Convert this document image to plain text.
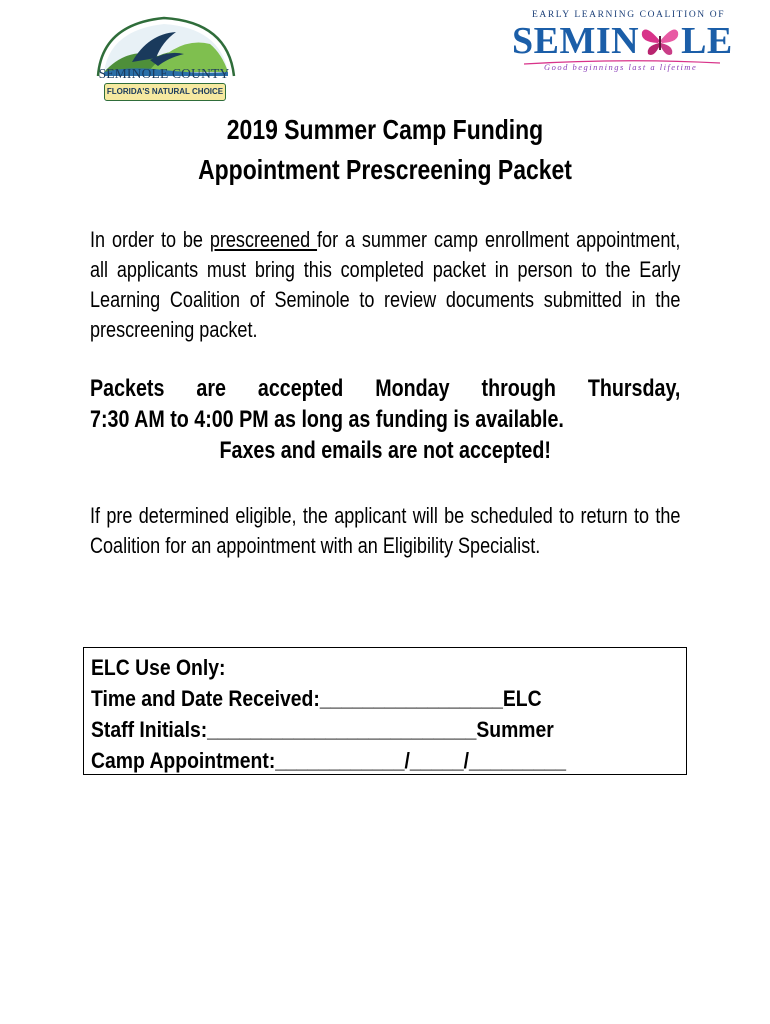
SEMINOLE COUNTY
FLORIDA'S NATURAL CHOICE
EARLY LEARNING COALITION OF
SEMIN LE
Good beginnings last a lifetime
2019 Summer Camp Funding
Appointment Prescreening Packet
In order to be prescreened for a summer camp enrollment appointment, all applicants must bring this completed packet in person to the Early Learning Coalition of Seminole to review documents submitted in the prescreening packet.
Packets are accepted Monday through Thursday,
7:30 AM to 4:00 PM as long as funding is available.
Faxes and emails are not accepted!
If pre determined eligible, the applicant will be scheduled to return to the Coalition for an appointment with an Eligibility Specialist.
ELC Use Only:
Time and Date Received:_________________ELC
Staff Initials:_________________________Summer
Camp Appointment:____________/_____/_________
